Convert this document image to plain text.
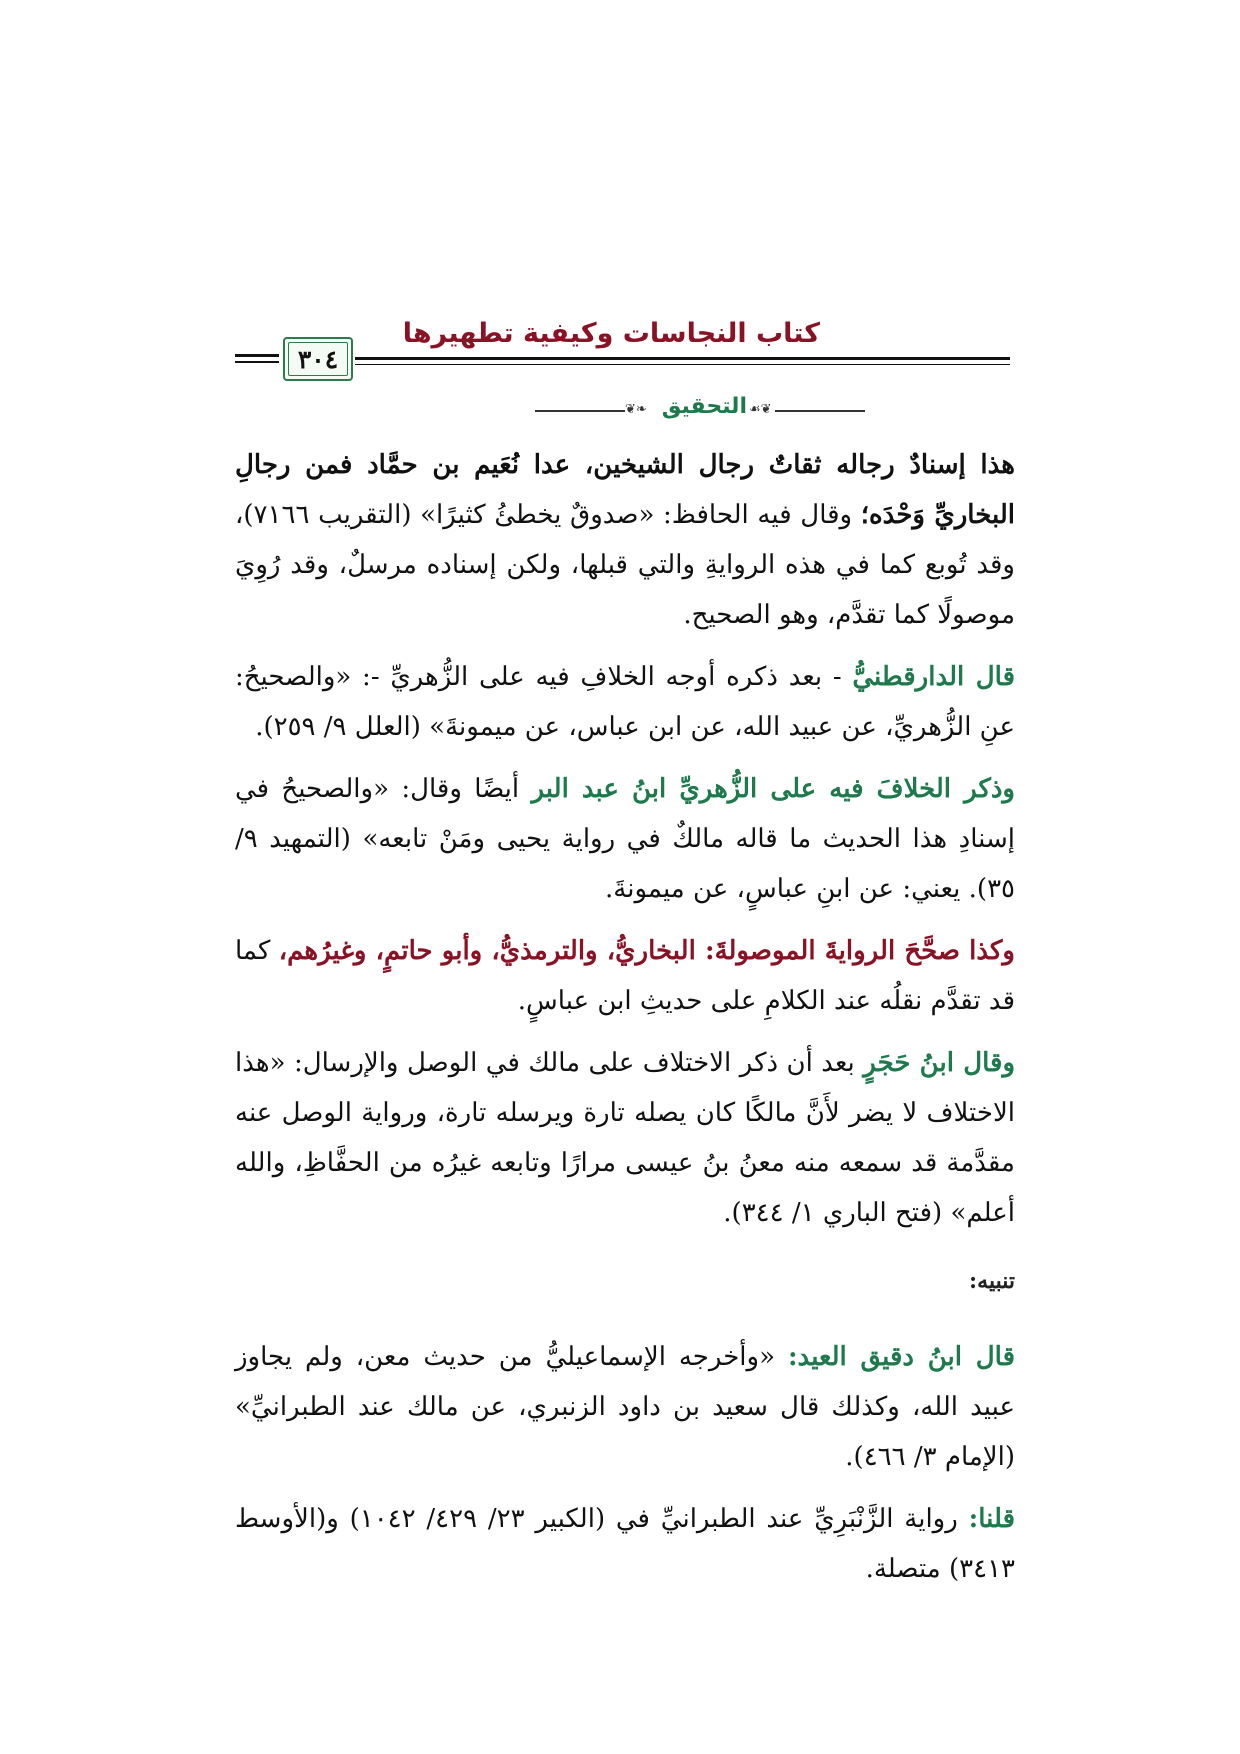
كتاب النجاسات وكيفية تطهيرها
٣٠٤
❦❧ التحقيق ☙❦

هذا إسنادٌ رجاله ثقاتٌ رجال الشيخين، عدا نُعَيم بن حمَّاد فمن رجالِ البخاريِّ وَحْدَه؛ وقال فيه الحافظ: «صدوقٌ يخطئُ كثيرًا» (التقريب ٧١٦٦)، وقد تُوبع كما في هذه الروايةِ والتي قبلها، ولكن إسناده مرسلٌ، وقد رُوِيَ موصولًا كما تقدَّم، وهو الصحيح.

قال الدارقطنيُّ - بعد ذكره أوجه الخلافِ فيه على الزُّهريِّ -: «والصحيحُ: عنِ الزُّهريِّ، عن عبيد الله، عن ابن عباس، عن ميمونةَ» (العلل ٩/ ٢٥٩).

وذكر الخلافَ فيه على الزُّهريِّ ابنُ عبد البر أيضًا وقال: «والصحيحُ في إسنادِ هذا الحديث ما قاله مالكٌ في رواية يحيى ومَنْ تابعه» (التمهيد ٩/ ٣٥). يعني: عن ابنِ عباسٍ، عن ميمونةَ.

وكذا صحَّحَ الروايةَ الموصولةَ: البخاريُّ، والترمذيُّ، وأبو حاتمٍ، وغيرُهم، كما قد تقدَّم نقلُه عند الكلامِ على حديثِ ابن عباسٍ.

وقال ابنُ حَجَرٍ بعد أن ذكر الاختلاف على مالك في الوصل والإرسال: «هذا الاختلاف لا يضر لأَنَّ مالكًا كان يصله تارة ويرسله تارة، ورواية الوصل عنه مقدَّمة قد سمعه منه معنُ بنُ عيسى مرارًا وتابعه غيرُه من الحفَّاظِ، والله أعلم» (فتح الباري ١/ ٣٤٤).

تنبيه:

قال ابنُ دقيق العيد: «وأخرجه الإسماعيليُّ من حديث معن، ولم يجاوز عبيد الله، وكذلك قال سعيد بن داود الزنبري، عن مالك عند الطبرانيِّ» (الإمام ٣/ ٤٦٦).

قلنا: رواية الزَّنْبَرِيِّ عند الطبرانيِّ في (الكبير ٢٣/ ٤٢٩/ ١٠٤٢) و(الأوسط ٣٤١٣) متصلة.
